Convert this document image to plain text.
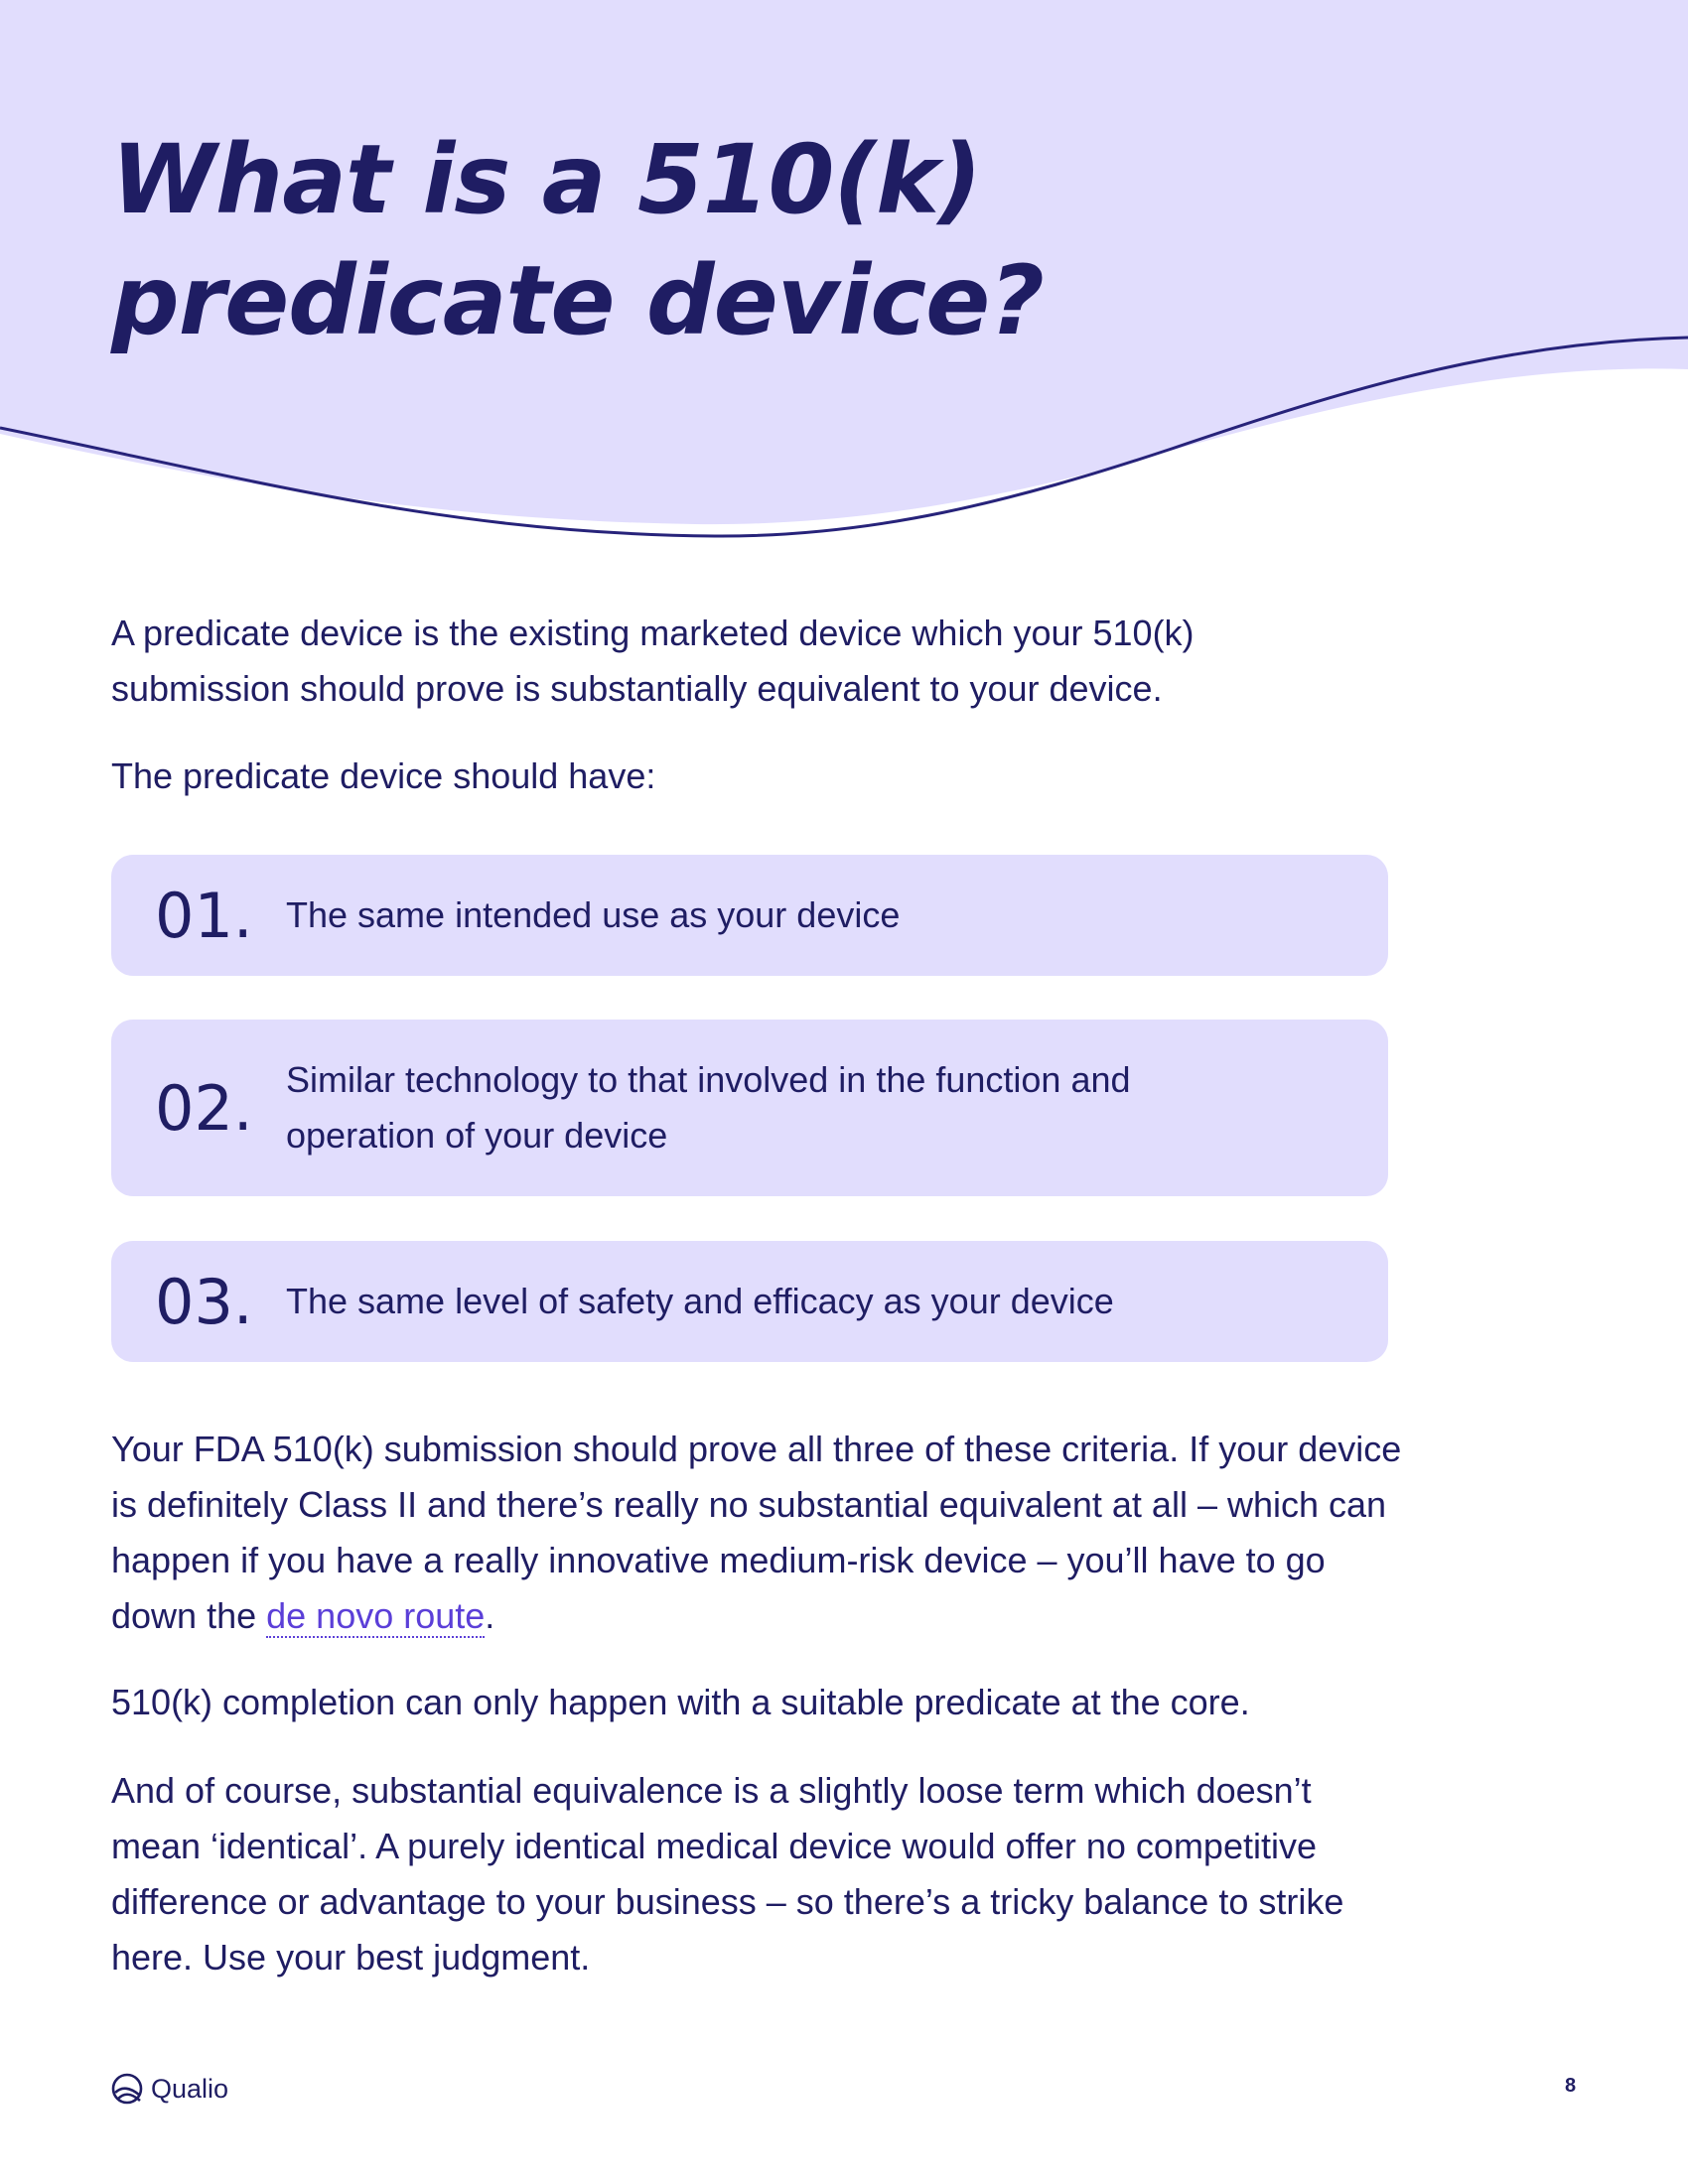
What is a 510(k)
predicate device?

A predicate device is the existing marketed device which your 510(k) submission should prove is substantially equivalent to your device.

The predicate device should have:

01. The same intended use as your device
02. Similar technology to that involved in the function and operation of your device
03. The same level of safety and efficacy as your device

Your FDA 510(k) submission should prove all three of these criteria. If your device is definitely Class II and there’s really no substantial equivalent at all – which can happen if you have a really innovative medium-risk device – you’ll have to go down the de novo route.

510(k) completion can only happen with a suitable predicate at the core.

And of course, substantial equivalence is a slightly loose term which doesn’t mean ‘identical’. A purely identical medical device would offer no competitive difference or advantage to your business – so there’s a tricky balance to strike here. Use your best judgment.

Qualio	8
